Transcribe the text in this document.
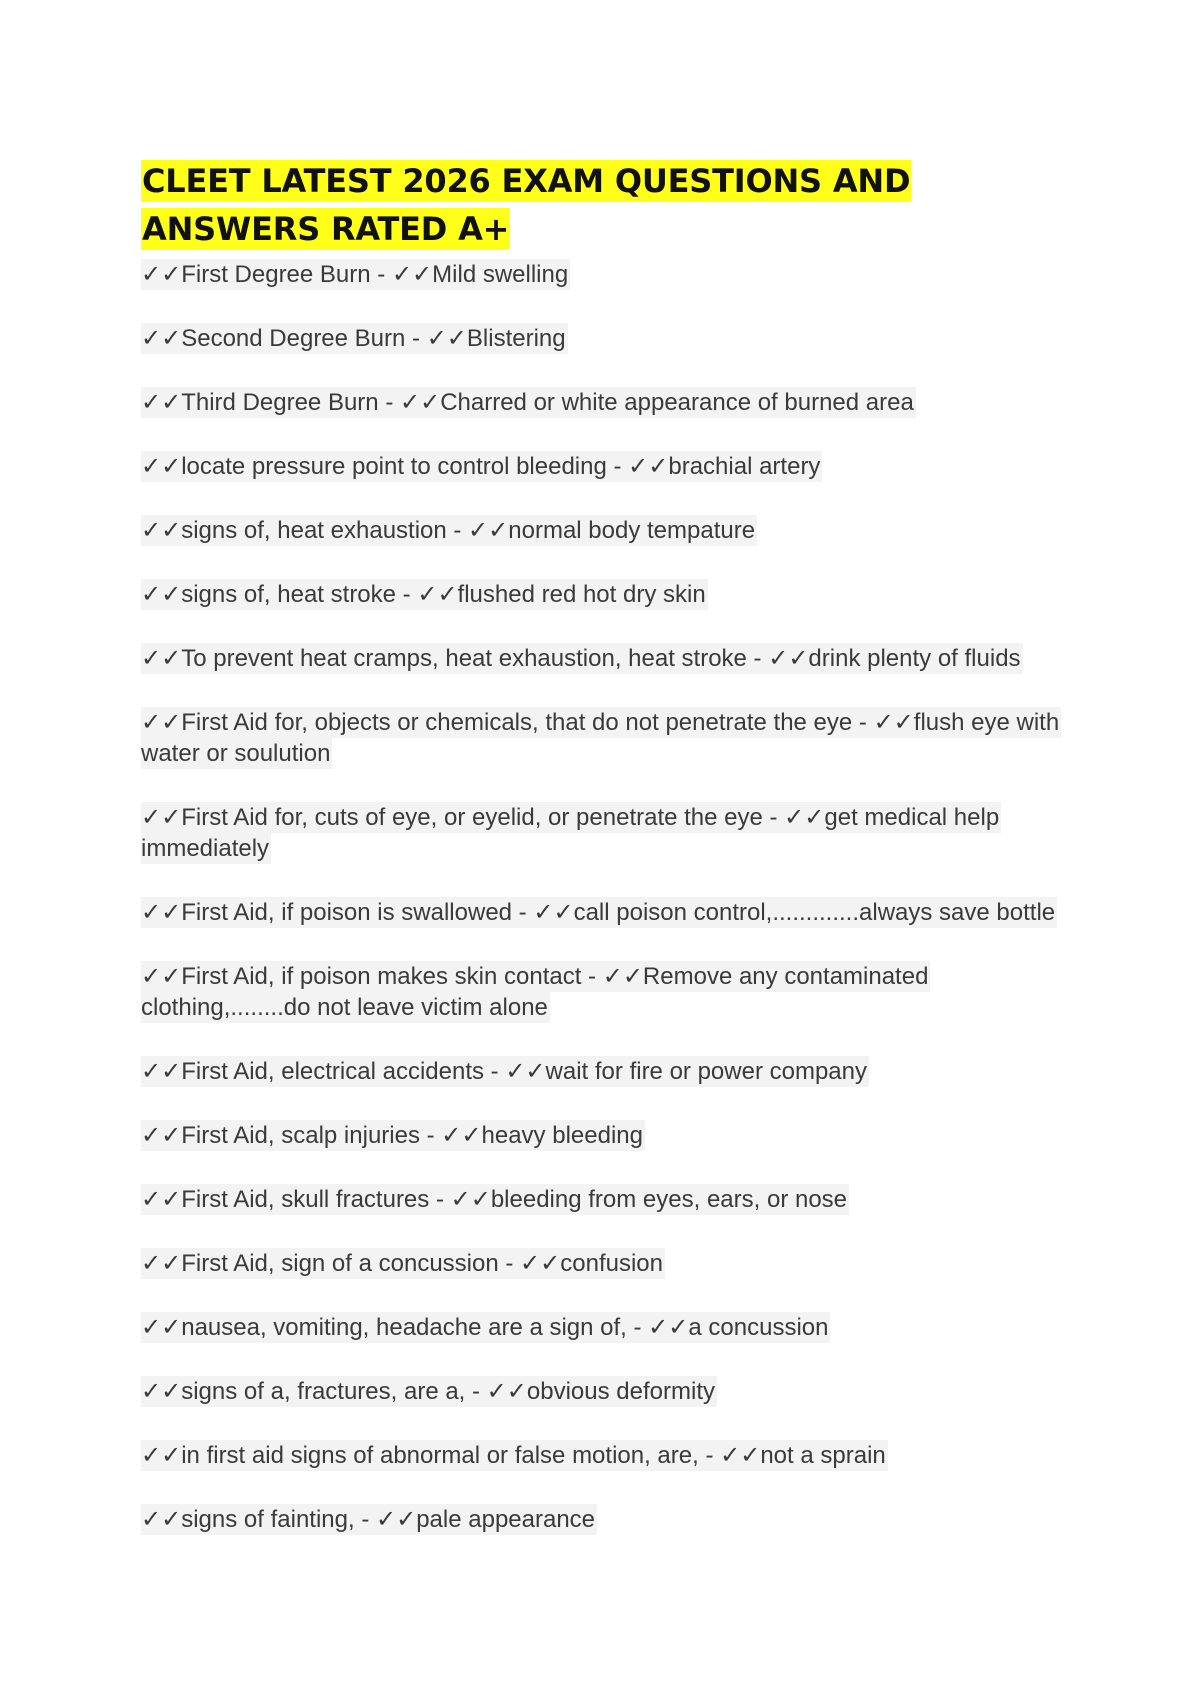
CLEET LATEST 2026 EXAM QUESTIONS AND ANSWERS RATED A+
✓✓First Degree Burn - ✓✓Mild swelling
✓✓Second Degree Burn - ✓✓Blistering
✓✓Third Degree Burn - ✓✓Charred or white appearance of burned area
✓✓locate pressure point to control bleeding - ✓✓brachial artery
✓✓signs of, heat exhaustion - ✓✓normal body tempature
✓✓signs of, heat stroke - ✓✓flushed red hot dry skin
✓✓To prevent heat cramps, heat exhaustion, heat stroke - ✓✓drink plenty of fluids
✓✓First Aid for, objects or chemicals, that do not penetrate the eye - ✓✓flush eye with water or soulution
✓✓First Aid for, cuts of eye, or eyelid, or penetrate the eye - ✓✓get medical help immediately
✓✓First Aid, if poison is swallowed - ✓✓call poison control,.............always save bottle
✓✓First Aid, if poison makes skin contact - ✓✓Remove any contaminated clothing,........do not leave victim alone
✓✓First Aid, electrical accidents - ✓✓wait for fire or power company
✓✓First Aid, scalp injuries - ✓✓heavy bleeding
✓✓First Aid, skull fractures - ✓✓bleeding from eyes, ears, or nose
✓✓First Aid, sign of a concussion - ✓✓confusion
✓✓nausea, vomiting, headache are a sign of, - ✓✓a concussion
✓✓signs of a, fractures, are a, - ✓✓obvious deformity
✓✓in first aid signs of abnormal or false motion, are, - ✓✓not a sprain
✓✓signs of fainting, - ✓✓pale appearance
